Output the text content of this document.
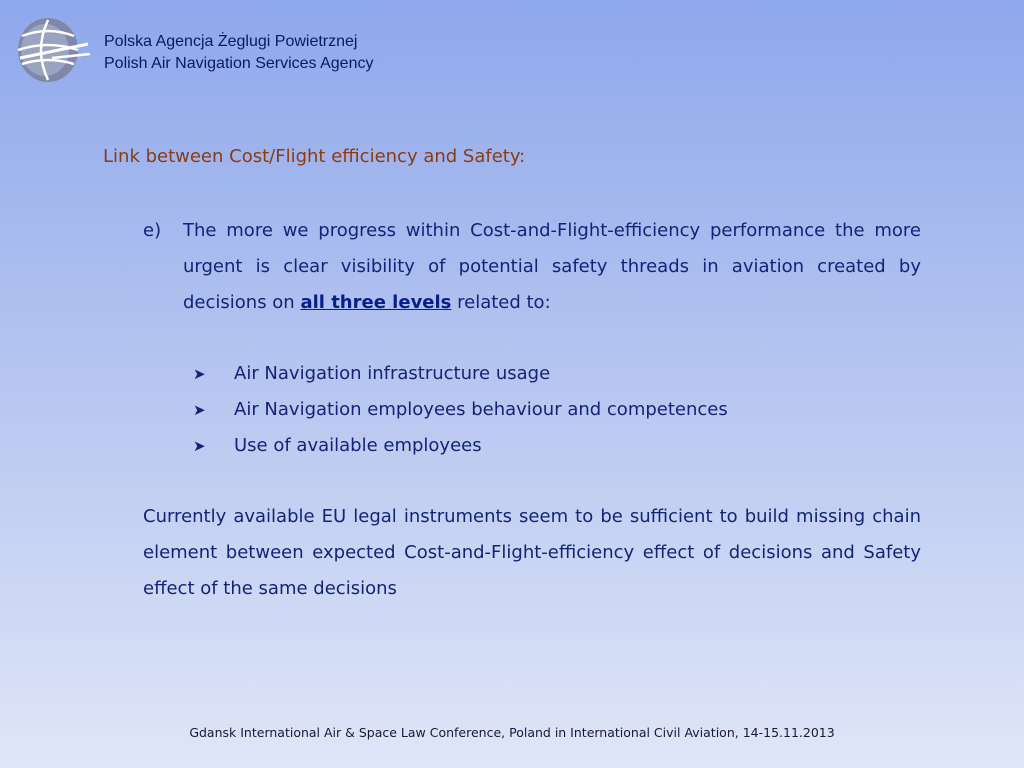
Polska Agencja Żeglugi Powietrznej
Polish Air Navigation Services Agency
Link between Cost/Flight efficiency and Safety:
e) The more we progress within Cost-and-Flight-efficiency performance the more urgent is clear visibility of potential safety threads in aviation created by decisions on all three levels related to:
➤	Air Navigation infrastructure usage
➤	Air Navigation employees behaviour and competences
➤	Use of available employees
Currently available EU legal instruments seem to be sufficient to build missing chain element between expected Cost-and-Flight-efficiency effect of decisions and Safety effect of the same decisions
Gdansk International Air & Space Law Conference, Poland in International Civil Aviation, 14-15.11.2013
